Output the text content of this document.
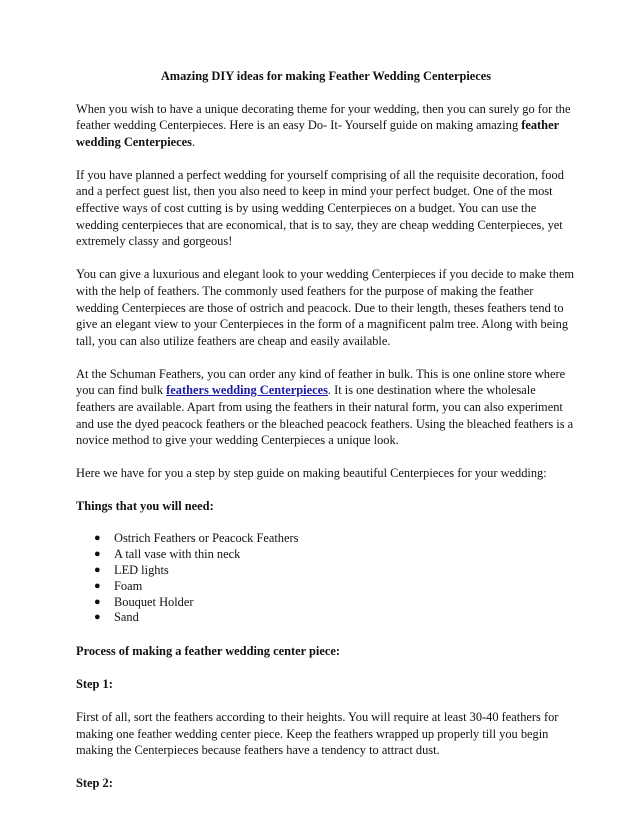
Amazing DIY ideas for making Feather Wedding Centerpieces

When you wish to have a unique decorating theme for your wedding, then you can surely go for the feather wedding Centerpieces. Here is an easy Do- It- Yourself guide on making amazing feather wedding Centerpieces.

If you have planned a perfect wedding for yourself comprising of all the requisite decoration, food and a perfect guest list, then you also need to keep in mind your perfect budget. One of the most effective ways of cost cutting is by using wedding Centerpieces on a budget. You can use the wedding centerpieces that are economical, that is to say, they are cheap wedding Centerpieces, yet extremely classy and gorgeous!

You can give a luxurious and elegant look to your wedding Centerpieces if you decide to make them with the help of feathers. The commonly used feathers for the purpose of making the feather wedding Centerpieces are those of ostrich and peacock. Due to their length, theses feathers tend to give an elegant view to your Centerpieces in the form of a magnificent palm tree. Along with being tall, you can also utilize feathers are cheap and easily available.

At the Schuman Feathers, you can order any kind of feather in bulk. This is one online store where you can find bulk feathers wedding Centerpieces. It is one destination where the wholesale feathers are available. Apart from using the feathers in their natural form, you can also experiment and use the dyed peacock feathers or the bleached peacock feathers. Using the bleached feathers is a novice method to give your wedding Centerpieces a unique look.

Here we have for you a step by step guide on making beautiful Centerpieces for your wedding:

Things that you will need:
● Ostrich Feathers or Peacock Feathers
● A tall vase with thin neck
● LED lights
● Foam
● Bouquet Holder
● Sand
Process of making a feather wedding center piece:
Step 1:

First of all, sort the feathers according to their heights. You will require at least 30-40 feathers for making one feather wedding center piece. Keep the feathers wrapped up properly till you begin making the Centerpieces because feathers have a tendency to attract dust.

Step 2:
